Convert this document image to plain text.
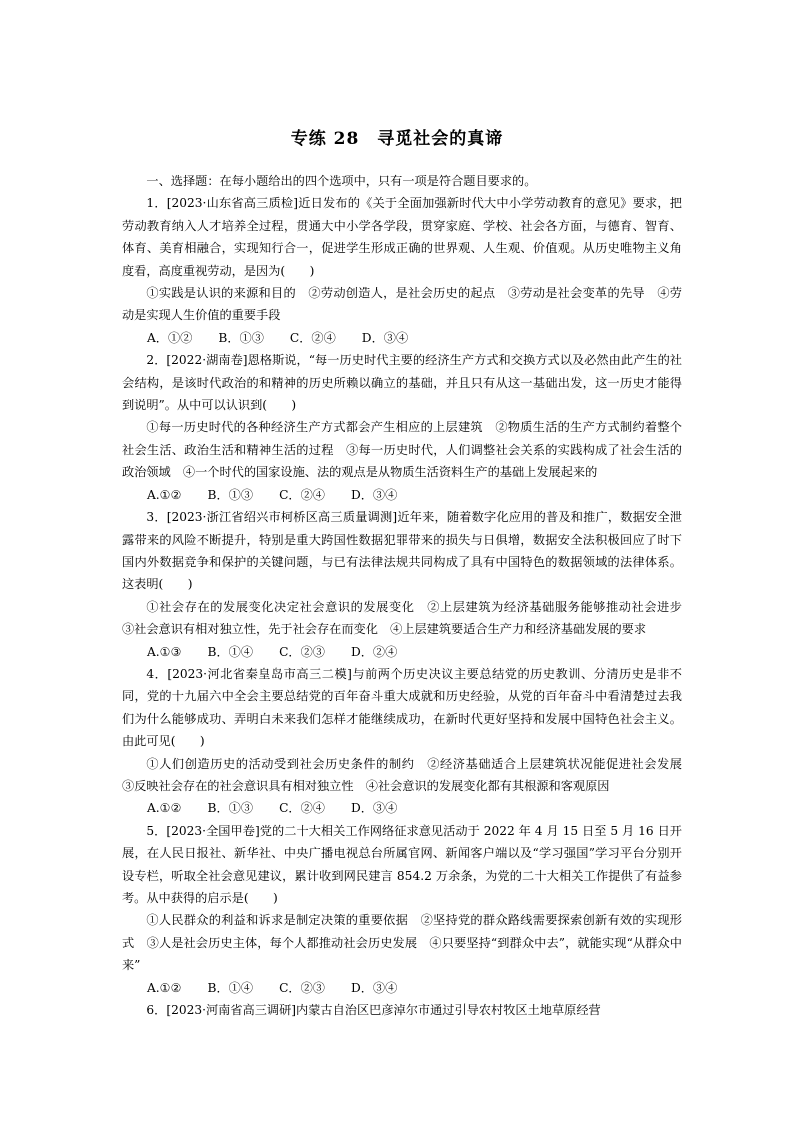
专练 28　寻觅社会的真谛

一、选择题：在每小题给出的四个选项中，只有一项是符合题目要求的。

1．[2023·山东省高三质检]近日发布的《关于全面加强新时代大中小学劳动教育的意见》要求，把劳动教育纳入人才培养全过程，贯通大中小学各学段，贯穿家庭、学校、社会各方面，与德育、智育、体育、美育相融合，实现知行合一，促进学生形成正确的世界观、人生观、价值观。从历史唯物主义角度看，高度重视劳动，是因为(　　)

①实践是认识的来源和目的　②劳动创造人，是社会历史的起点　③劳动是社会变革的先导　④劳动是实现人生价值的重要手段

A．①② B．①③ C．②④ D．③④

2．[2022·湖南卷]恩格斯说，“每一历史时代主要的经济生产方式和交换方式以及必然由此产生的社会结构，是该时代政治的和精神的历史所赖以确立的基础，并且只有从这一基础出发，这一历史才能得到说明”。从中可以认识到(　　)

①每一历史时代的各种经济生产方式都会产生相应的上层建筑　②物质生活的生产方式制约着整个社会生活、政治生活和精神生活的过程　③每一历史时代，人们调整社会关系的实践构成了社会生活的政治领域　④一个时代的国家设施、法的观点是从物质生活资料生产的基础上发展起来的

A.①② B．①③ C．②④ D．③④

3．[2023·浙江省绍兴市柯桥区高三质量调测]近年来，随着数字化应用的普及和推广，数据安全泄露带来的风险不断提升，特别是重大跨国性数据犯罪带来的损失与日俱增，数据安全法积极回应了时下国内外数据竞争和保护的关键问题，与已有法律法规共同构成了具有中国特色的数据领域的法律体系。这表明(　　)

①社会存在的发展变化决定社会意识的发展变化　②上层建筑为经济基础服务能够推动社会进步　③社会意识有相对独立性，先于社会存在而变化　④上层建筑要适合生产力和经济基础发展的要求

A.①③ B．①④ C．②③ D．②④

4．[2023·河北省秦皇岛市高三二模]与前两个历史决议主要总结党的历史教训、分清历史是非不同，党的十九届六中全会主要总结党的百年奋斗重大成就和历史经验，从党的百年奋斗中看清楚过去我们为什么能够成功、弄明白未来我们怎样才能继续成功，在新时代更好坚持和发展中国特色社会主义。由此可见(　　)

①人们创造历史的活动受到社会历史条件的制约　②经济基础适合上层建筑状况能促进社会发展　③反映社会存在的社会意识具有相对独立性　④社会意识的发展变化都有其根源和客观原因

A.①② B．①③ C．②④ D．③④

5．[2023·全国甲卷]党的二十大相关工作网络征求意见活动于 2022 年 4 月 15 日至 5 月 16 日开展，在人民日报社、新华社、中央广播电视总台所属官网、新闻客户端以及“学习强国”学习平台分别开设专栏，听取全社会意见建议，累计收到网民建言 854.2 万余条，为党的二十大相关工作提供了有益参考。从中获得的启示是(　　)

①人民群众的利益和诉求是制定决策的重要依据　②坚持党的群众路线需要探索创新有效的实现形式　③人是社会历史主体，每个人都推动社会历史发展　④只要坚持“到群众中去”，就能实现“从群众中来”

A.①② B．①④ C．②③ D．③④

6．[2023·河南省高三调研]内蒙古自治区巴彦淖尔市通过引导农村牧区土地草原经营
